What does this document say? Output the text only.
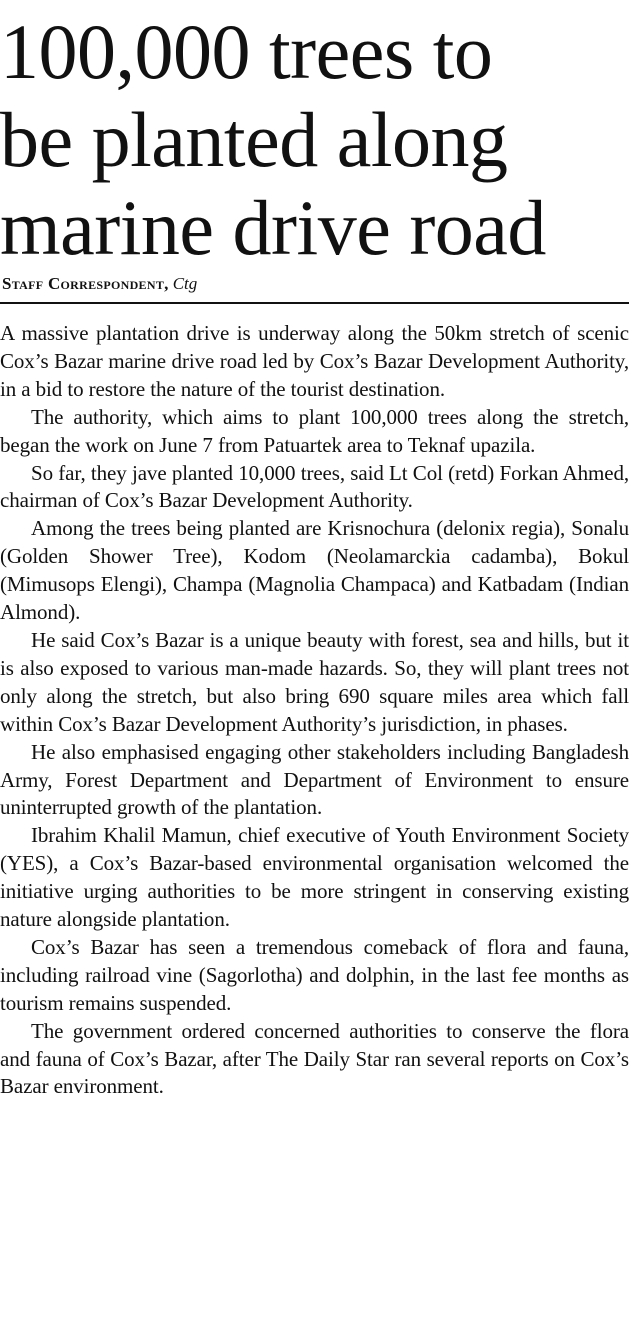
100,000 trees to
be planted along
marine drive road
Staff Correspondent, Ctg

A massive plantation drive is underway along the 50km stretch of scenic Cox’s Bazar marine drive road led by Cox’s Bazar Development Authority, in a bid to restore the nature of the tourist destination.

The authority, which aims to plant 100,000 trees along the stretch, began the work on June 7 from Patuartek area to Teknaf upazila.

So far, they jave planted 10,000 trees, said Lt Col (retd) Forkan Ahmed, chairman of Cox’s Bazar Development Authority.

Among the trees being planted are Krisnochura (delonix regia), Sonalu (Golden Shower Tree), Kodom (Neolamarckia cadamba), Bokul (Mimusops Elengi), Champa (Magnolia Champaca) and Katbadam (Indian Almond).

He said Cox’s Bazar is a unique beauty with forest, sea and hills, but it is also exposed to various man-made hazards. So, they will plant trees not only along the stretch, but also bring 690 square miles area which fall within Cox’s Bazar Development Authority’s jurisdiction, in phases.

He also emphasised engaging other stakeholders including Bangladesh Army, Forest Department and Department of Environment to ensure uninterrupted growth of the plantation.

Ibrahim Khalil Mamun, chief executive of Youth Environment Society (YES), a Cox’s Bazar-based environmental organisation welcomed the initiative urging authorities to be more stringent in conserving existing nature alongside plantation.

Cox’s Bazar has seen a tremendous comeback of flora and fauna, including railroad vine (Sagorlotha) and dolphin, in the last fee months as tourism remains suspended.

The government ordered concerned authorities to conserve the flora and fauna of Cox’s Bazar, after The Daily Star ran several reports on Cox’s Bazar environment.
